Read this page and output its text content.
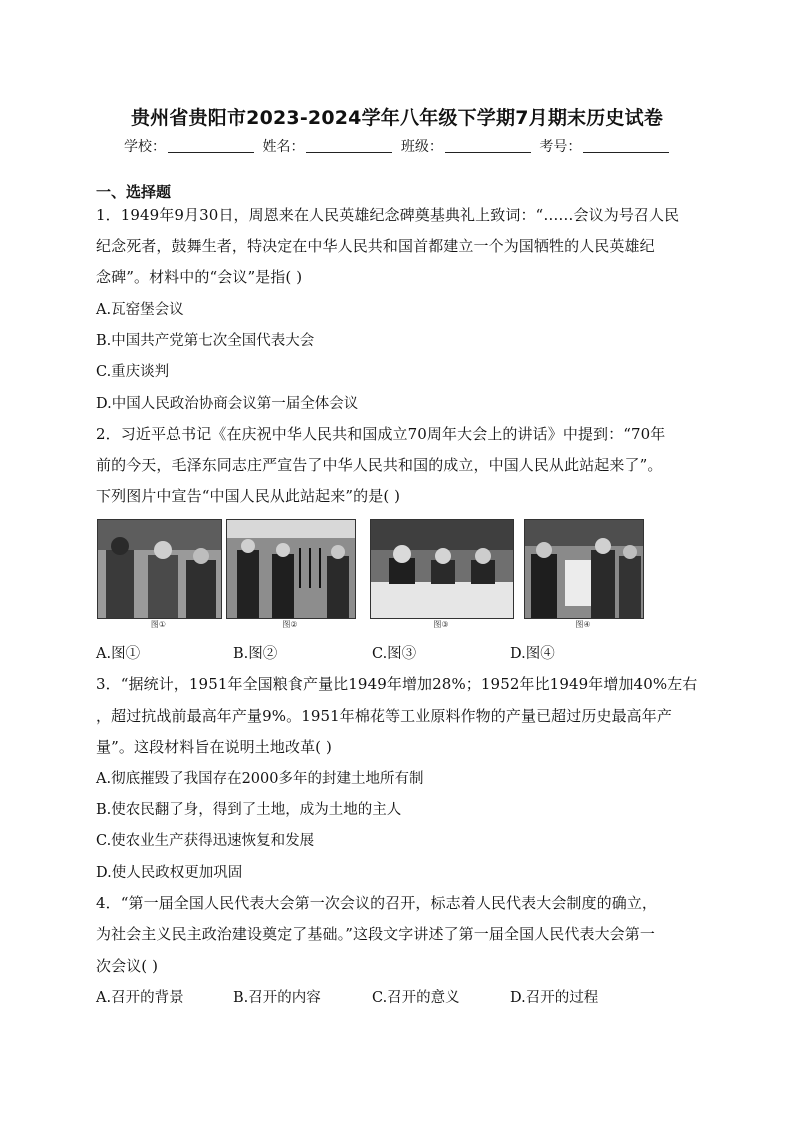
贵州省贵阳市2023-2024学年八年级下学期7月期末历史试卷
学校：	姓名：	班级：	考号：
一、选择题
1．1949年9月30日，周恩来在人民英雄纪念碑奠基典礼上致词：“……会议为号召人民
纪念死者，鼓舞生者，特决定在中华人民共和国首都建立一个为国牺牲的人民英雄纪
念碑”。材料中的“会议”是指( )
A.瓦窑堡会议
B.中国共产党第七次全国代表大会
C.重庆谈判
D.中国人民政治协商会议第一届全体会议
2．习近平总书记《在庆祝中华人民共和国成立70周年大会上的讲话》中提到：“70年
前的今天，毛泽东同志庄严宣告了中华人民共和国的成立，中国人民从此站起来了”。
下列图片中宣告“中国人民从此站起来”的是( )
图①	图②	图③	图④
A.图①	B.图②	C.图③	D.图④
3．“据统计，1951年全国粮食产量比1949年增加28%；1952年比1949年增加40%左右
，超过抗战前最高年产量9%。1951年棉花等工业原料作物的产量已超过历史最高年产
量”。这段材料旨在说明土地改革( )
A.彻底摧毁了我国存在2000多年的封建土地所有制
B.使农民翻了身，得到了土地，成为土地的主人
C.使农业生产获得迅速恢复和发展
D.使人民政权更加巩固
4．“第一届全国人民代表大会第一次会议的召开，标志着人民代表大会制度的确立，
为社会主义民主政治建设奠定了基础。”这段文字讲述了第一届全国人民代表大会第一
次会议( )
A.召开的背景	B.召开的内容	C.召开的意义	D.召开的过程
